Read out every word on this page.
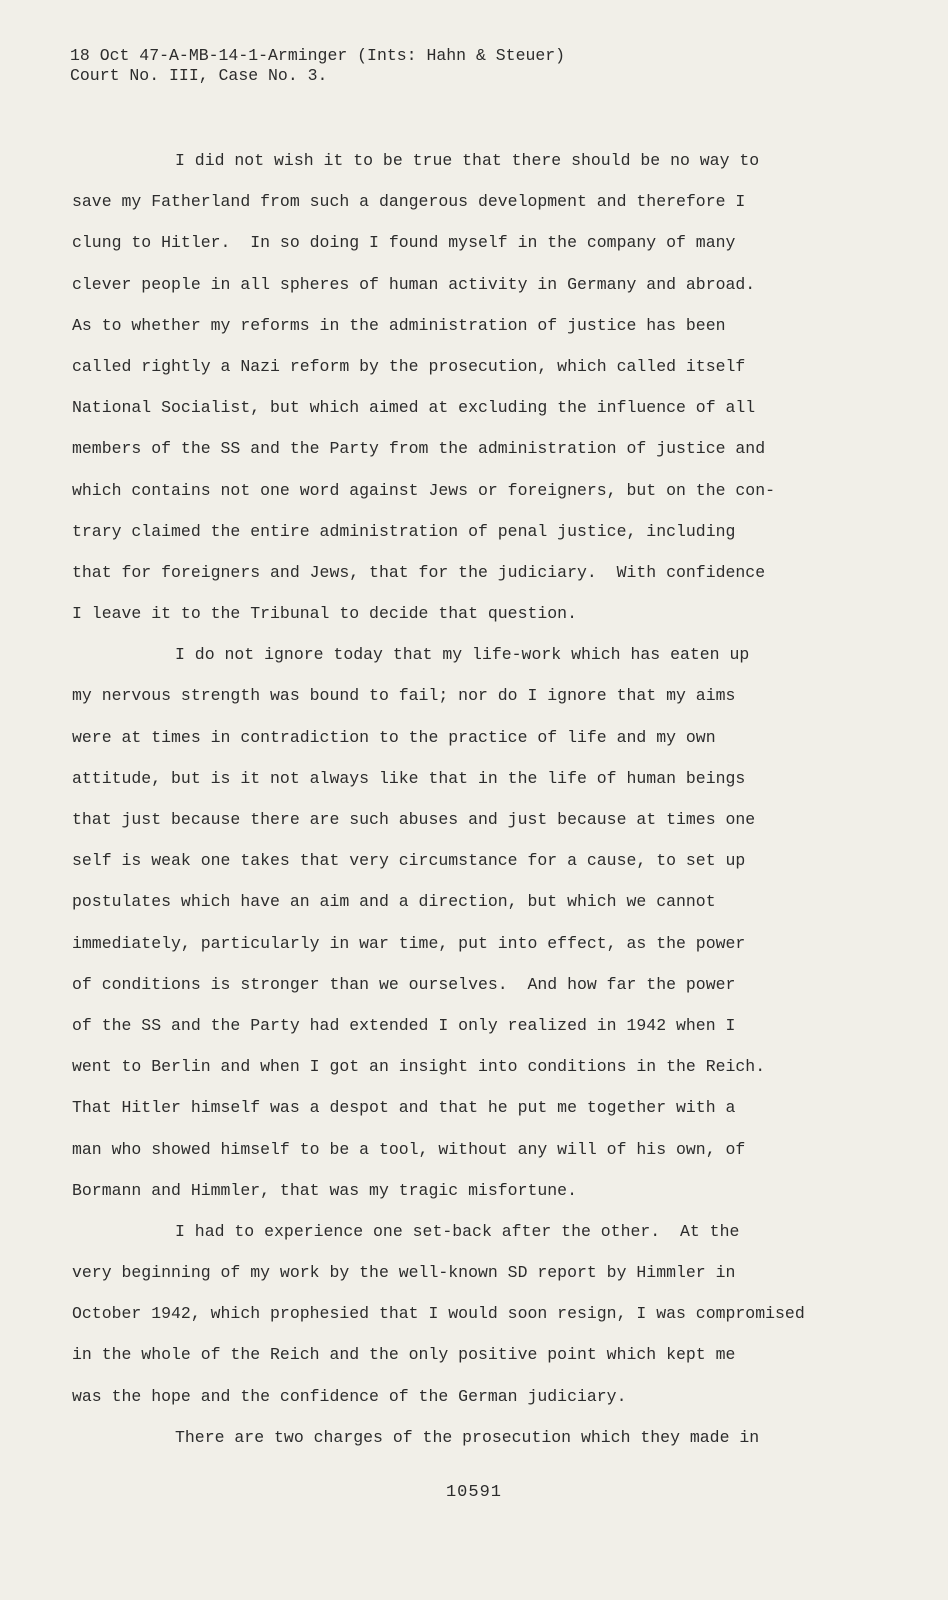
18 Oct 47-A-MB-14-1-Arminger (Ints: Hahn & Steuer)
Court No. III, Case No. 3.
I did not wish it to be true that there should be no way to
save my Fatherland from such a dangerous development and therefore I
clung to Hitler.  In so doing I found myself in the company of many
clever people in all spheres of human activity in Germany and abroad.
As to whether my reforms in the administration of justice has been
called rightly a Nazi reform by the prosecution, which called itself
National Socialist, but which aimed at excluding the influence of all
members of the SS and the Party from the administration of justice and
which contains not one word against Jews or foreigners, but on the con-
trary claimed the entire administration of penal justice, including
that for foreigners and Jews, that for the judiciary.  With confidence
I leave it to the Tribunal to decide that question.
I do not ignore today that my life-work which has eaten up
my nervous strength was bound to fail; nor do I ignore that my aims
were at times in contradiction to the practice of life and my own
attitude, but is it not always like that in the life of human beings
that just because there are such abuses and just because at times one
self is weak one takes that very circumstance for a cause, to set up
postulates which have an aim and a direction, but which we cannot
immediately, particularly in war time, put into effect, as the power
of conditions is stronger than we ourselves.  And how far the power
of the SS and the Party had extended I only realized in 1942 when I
went to Berlin and when I got an insight into conditions in the Reich.
That Hitler himself was a despot and that he put me together with a
man who showed himself to be a tool, without any will of his own, of
Bormann and Himmler, that was my tragic misfortune.
I had to experience one set-back after the other.  At the
very beginning of my work by the well-known SD report by Himmler in
October 1942, which prophesied that I would soon resign, I was compromised
in the whole of the Reich and the only positive point which kept me
was the hope and the confidence of the German judiciary.
There are two charges of the prosecution which they made in
10591
